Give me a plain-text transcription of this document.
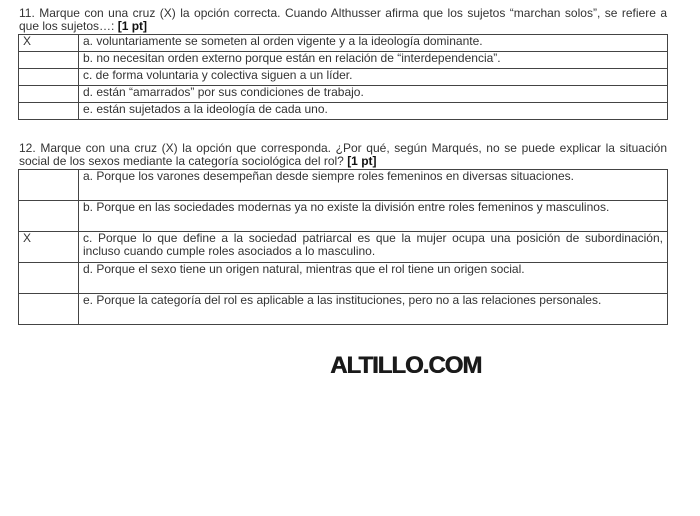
11. Marque con una cruz (X) la opción correcta. Cuando Althusser afirma que los sujetos “marchan solos”, se refiere a que los sujetos…: [1 pt]
X	a. voluntariamente se someten al orden vigente y a la ideología dominante.
	b. no necesitan orden externo porque están en relación de “interdependencia”.
	c. de forma voluntaria y colectiva siguen a un líder.
	d. están “amarrados” por sus condiciones de trabajo.
	e. están sujetados a la ideología de cada uno.
12. Marque con una cruz (X) la opción que corresponda. ¿Por qué, según Marqués, no se puede explicar la situación social de los sexos mediante la categoría sociológica del rol? [1 pt]
	a. Porque los varones desempeñan desde siempre roles femeninos en diversas situaciones.
	b. Porque en las sociedades modernas ya no existe la división entre roles femeninos y masculinos.
X	c. Porque lo que define a la sociedad patriarcal es que la mujer ocupa una posición de subordinación, incluso cuando cumple roles asociados a lo masculino.
	d. Porque el sexo tiene un origen natural, mientras que el rol tiene un origen social.
	e. Porque la categoría del rol es aplicable a las instituciones, pero no a las relaciones personales.
ALTILLO.COM
